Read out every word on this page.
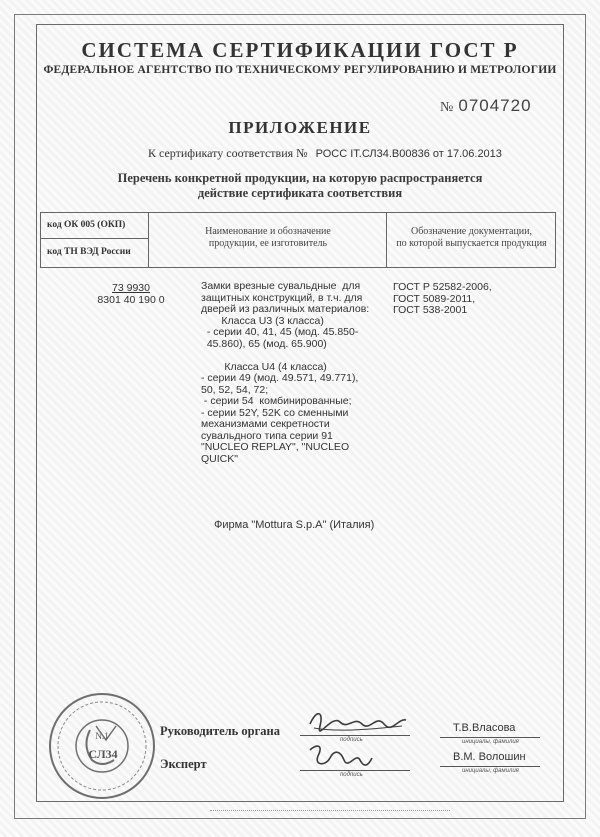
СИСТЕМА СЕРТИФИКАЦИИ ГОСТ Р
ФЕДЕРАЛЬНОЕ АГЕНТСТВО ПО ТЕХНИЧЕСКОМУ РЕГУЛИРОВАНИЮ И МЕТРОЛОГИИ
№ 0704720
ПРИЛОЖЕНИЕ
К сертификату соответствия № РОСС IT.СЛ34.В00836 от 17.06.2013
Перечень конкретной продукции, на которую распространяется
действие сертификата соответствия
код ОК 005 (ОКП)
код ТН ВЭД России
Наименование и обозначение
продукции, ее изготовитель
Обозначение документации,
по которой выпускается продукция
73 9930
8301 40 190 0
Замки врезные сувальдные  для
защитных конструкций, в т.ч. для
дверей из различных материалов:
Класса U3 (3 класса)
- серии 40, 41, 45 (мод. 45.850-
45.860), 65 (мод. 65.900)

Класса U4 (4 класса)
- серии 49 (мод. 49.571, 49.771),
50, 52, 54, 72;
- серии 54  комбинированные;
- серии 52Y, 52K со сменными
механизмами секретности
сувальдного типа серии 91
"NUCLEO REPLAY", "NUCLEO
QUICK"
ГОСТ Р 52582-2006,
ГОСТ 5089-2011,
ГОСТ 538-2001
Фирма "Mottura S.p.A" (Италия)
N.1
СЛ34
Руководитель органа
Эксперт
подпись
подпись
Т.В.Власова
инициалы, фамилия
В.М. Волошин
инициалы, фамилия
